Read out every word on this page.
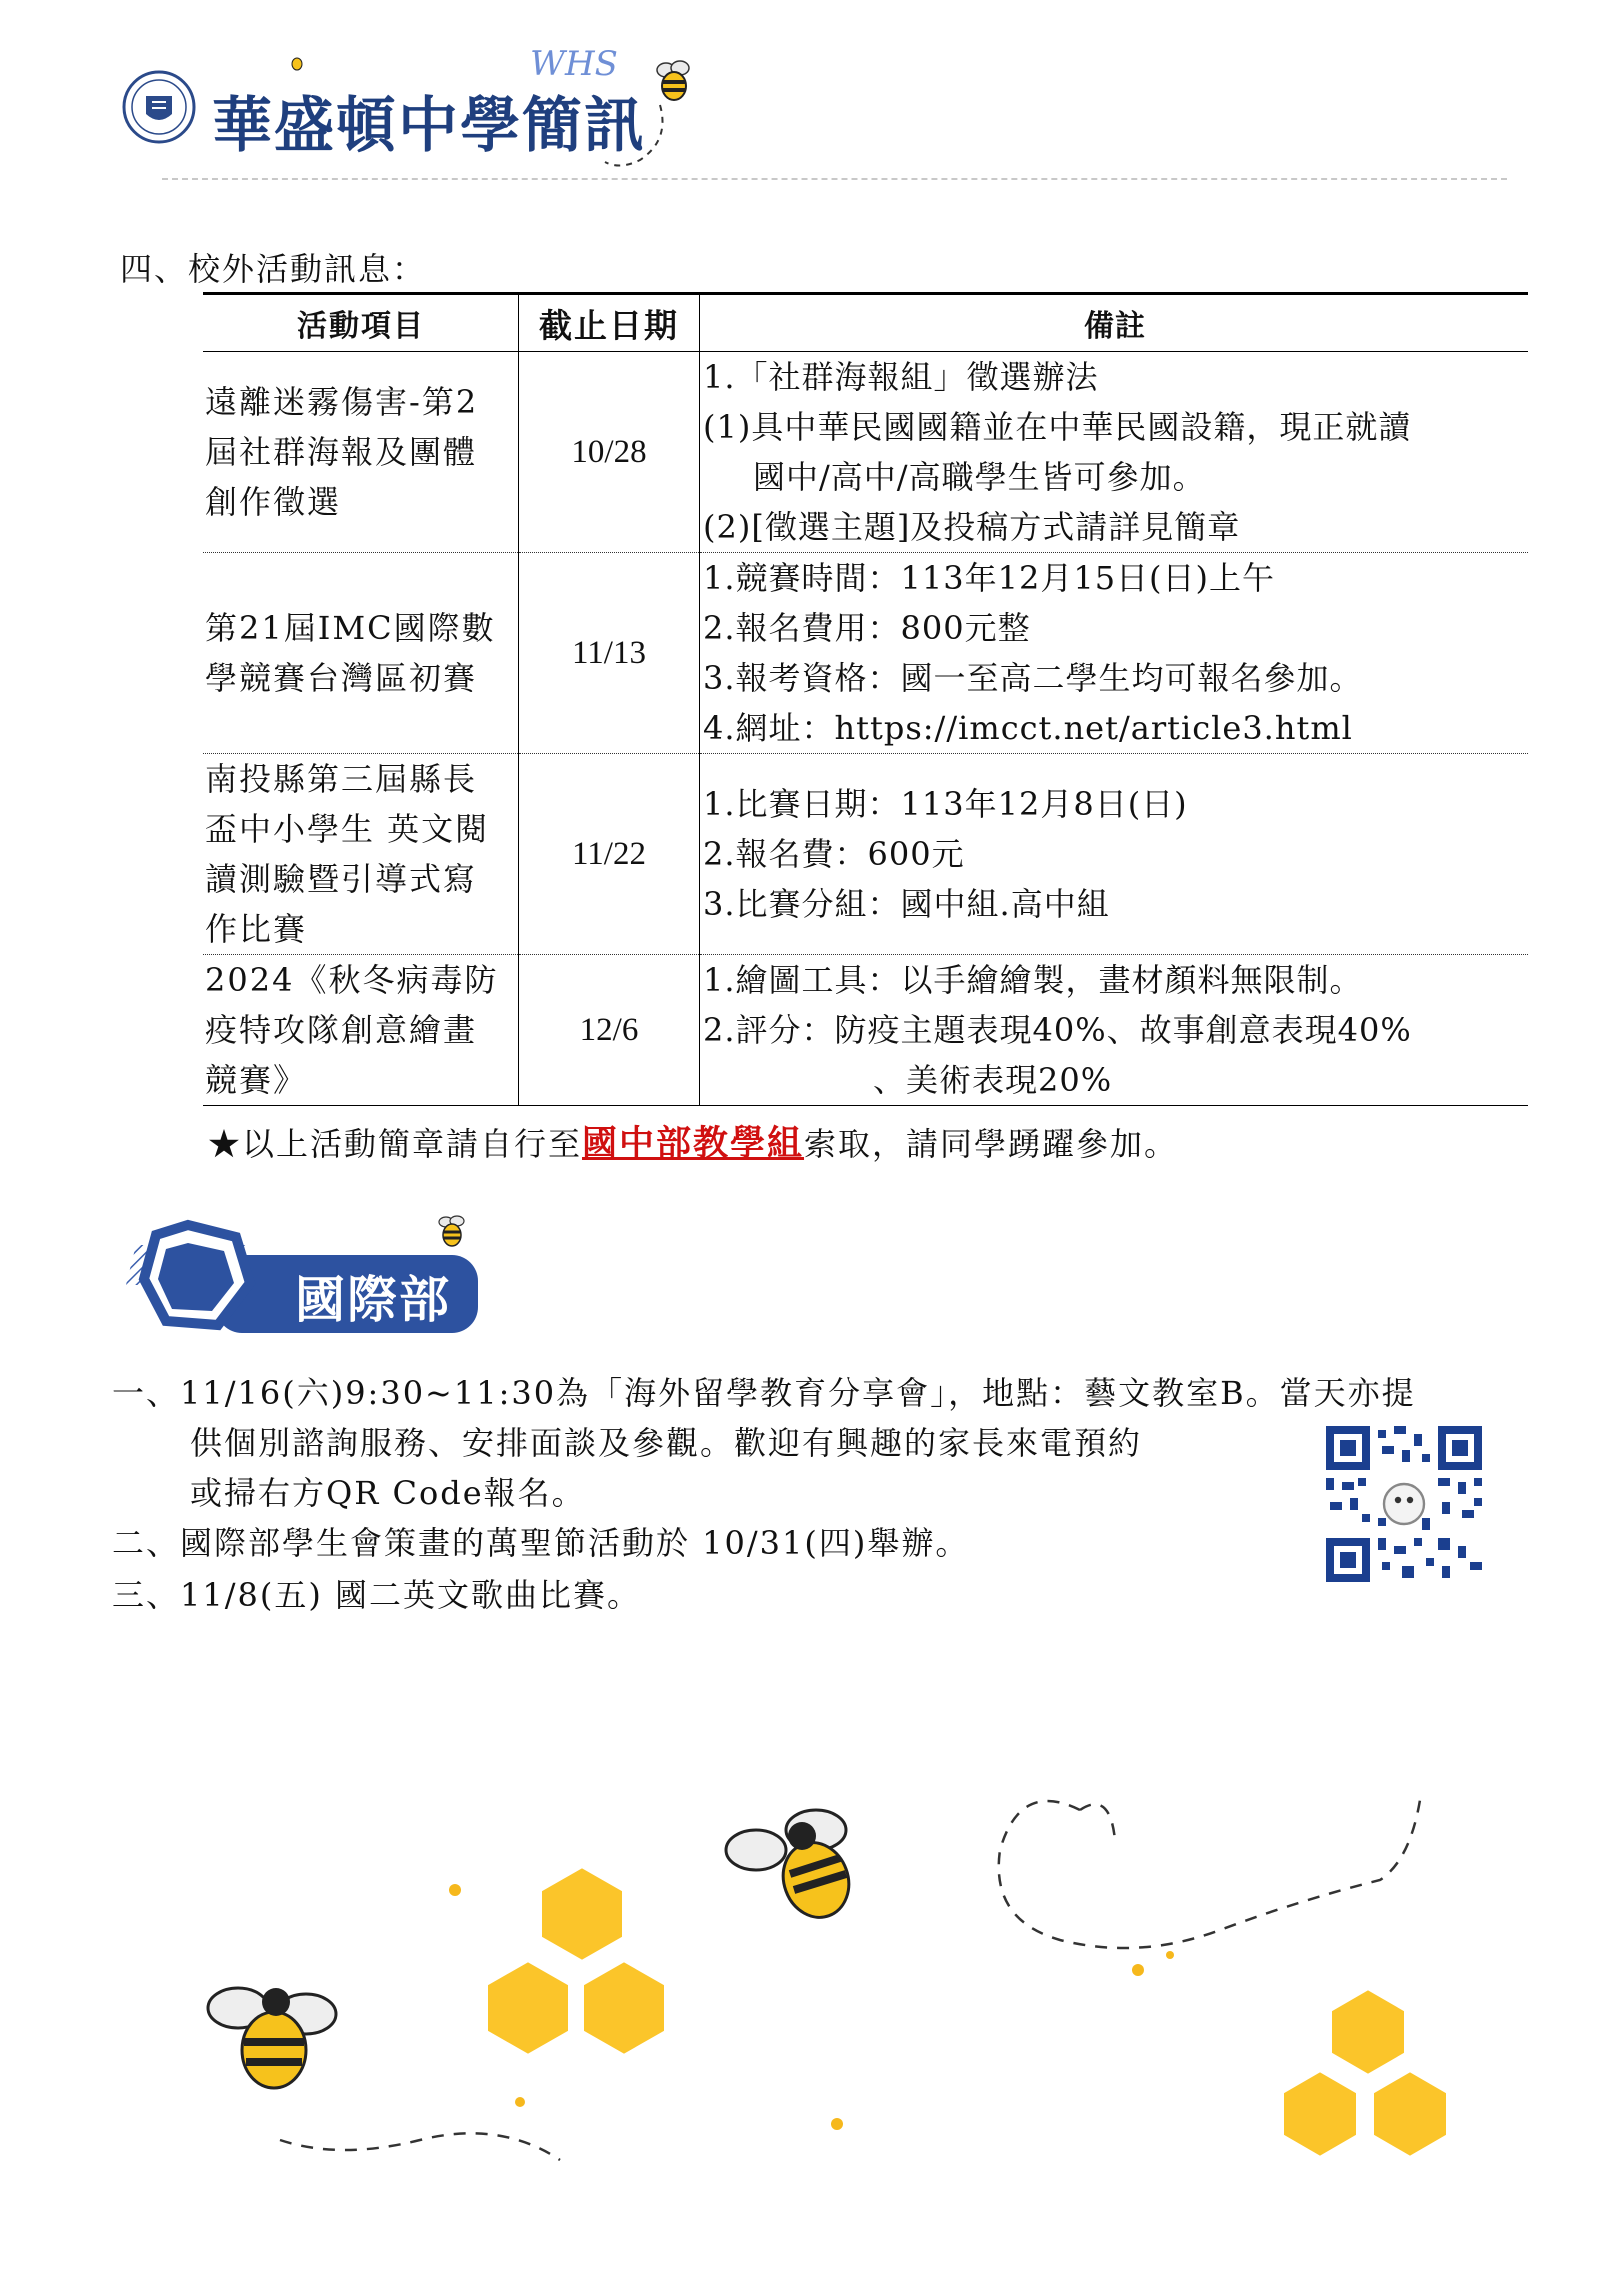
華盛頓中學簡訊
WHS
四、校外活動訊息：
活動項目	截止日期	備註

遠離迷霧傷害-第2
屆社群海報及團體
創作徵選	10/28	1.「社群海報組」徵選辦法
(1)具中華民國國籍並在中華民國設籍，現正就讀
國中/高中/高職學生皆可參加。
(2)[徵選主題]及投稿方式請詳見簡章

第21屆IMC國際數
學競賽台灣區初賽	11/13	1.競賽時間：113年12月15日(日)上午
2.報名費用：800元整
3.報考資格：國一至高二學生均可報名參加。
4.網址：https://imcct.net/article3.html

南投縣第三屆縣長
盃中小學生 英文閱
讀測驗暨引導式寫
作比賽	11/22	1.比賽日期：113年12月8日(日)
2.報名費：600元
3.比賽分組：國中組.高中組

2024《秋冬病毒防
疫特攻隊創意繪畫
競賽》	12/6	1.繪圖工具：以手繪繪製，畫材顏料無限制。
2.評分：防疫主題表現40%、故事創意表現40%
、美術表現20%
★以上活動簡章請自行至國中部教學組索取，請同學踴躍參加。
國際部
一、11/16(六)9:30~11:30為「海外留學教育分享會」，地點：藝文教室B。當天亦提
供個別諮詢服務、安排面談及參觀。歡迎有興趣的家長來電預約
或掃右方QR Code報名。
二、國際部學生會策畫的萬聖節活動於 10/31(四)舉辦。
三、11/8(五) 國二英文歌曲比賽。
